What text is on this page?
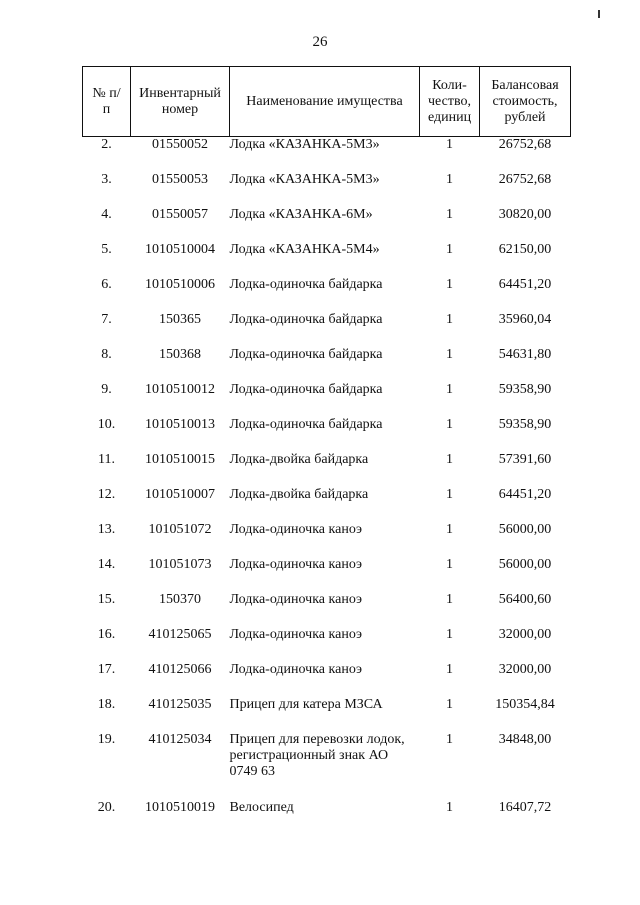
26
№ п/п	Инвентарный номер	Наименование имущества	Коли-чество, единиц	Балансовая стоимость, рублей
2.	01550052	Лодка «КАЗАНКА-5М3»	1	26752,68
3.	01550053	Лодка «КАЗАНКА-5М3»	1	26752,68
4.	01550057	Лодка «КАЗАНКА-6М»	1	30820,00
5.	1010510004	Лодка «КАЗАНКА-5М4»	1	62150,00
6.	1010510006	Лодка-одиночка байдарка	1	64451,20
7.	150365	Лодка-одиночка байдарка	1	35960,04
8.	150368	Лодка-одиночка байдарка	1	54631,80
9.	1010510012	Лодка-одиночка байдарка	1	59358,90
10.	1010510013	Лодка-одиночка байдарка	1	59358,90
11.	1010510015	Лодка-двойка байдарка	1	57391,60
12.	1010510007	Лодка-двойка байдарка	1	64451,20
13.	101051072	Лодка-одиночка каноэ	1	56000,00
14.	101051073	Лодка-одиночка каноэ	1	56000,00
15.	150370	Лодка-одиночка каноэ	1	56400,60
16.	410125065	Лодка-одиночка каноэ	1	32000,00
17.	410125066	Лодка-одиночка каноэ	1	32000,00
18.	410125035	Прицеп для катера МЗСА	1	150354,84
19.	410125034	Прицеп для перевозки лодок, регистрационный знак АО 0749 63	1	34848,00
20.	1010510019	Велосипед	1	16407,72
